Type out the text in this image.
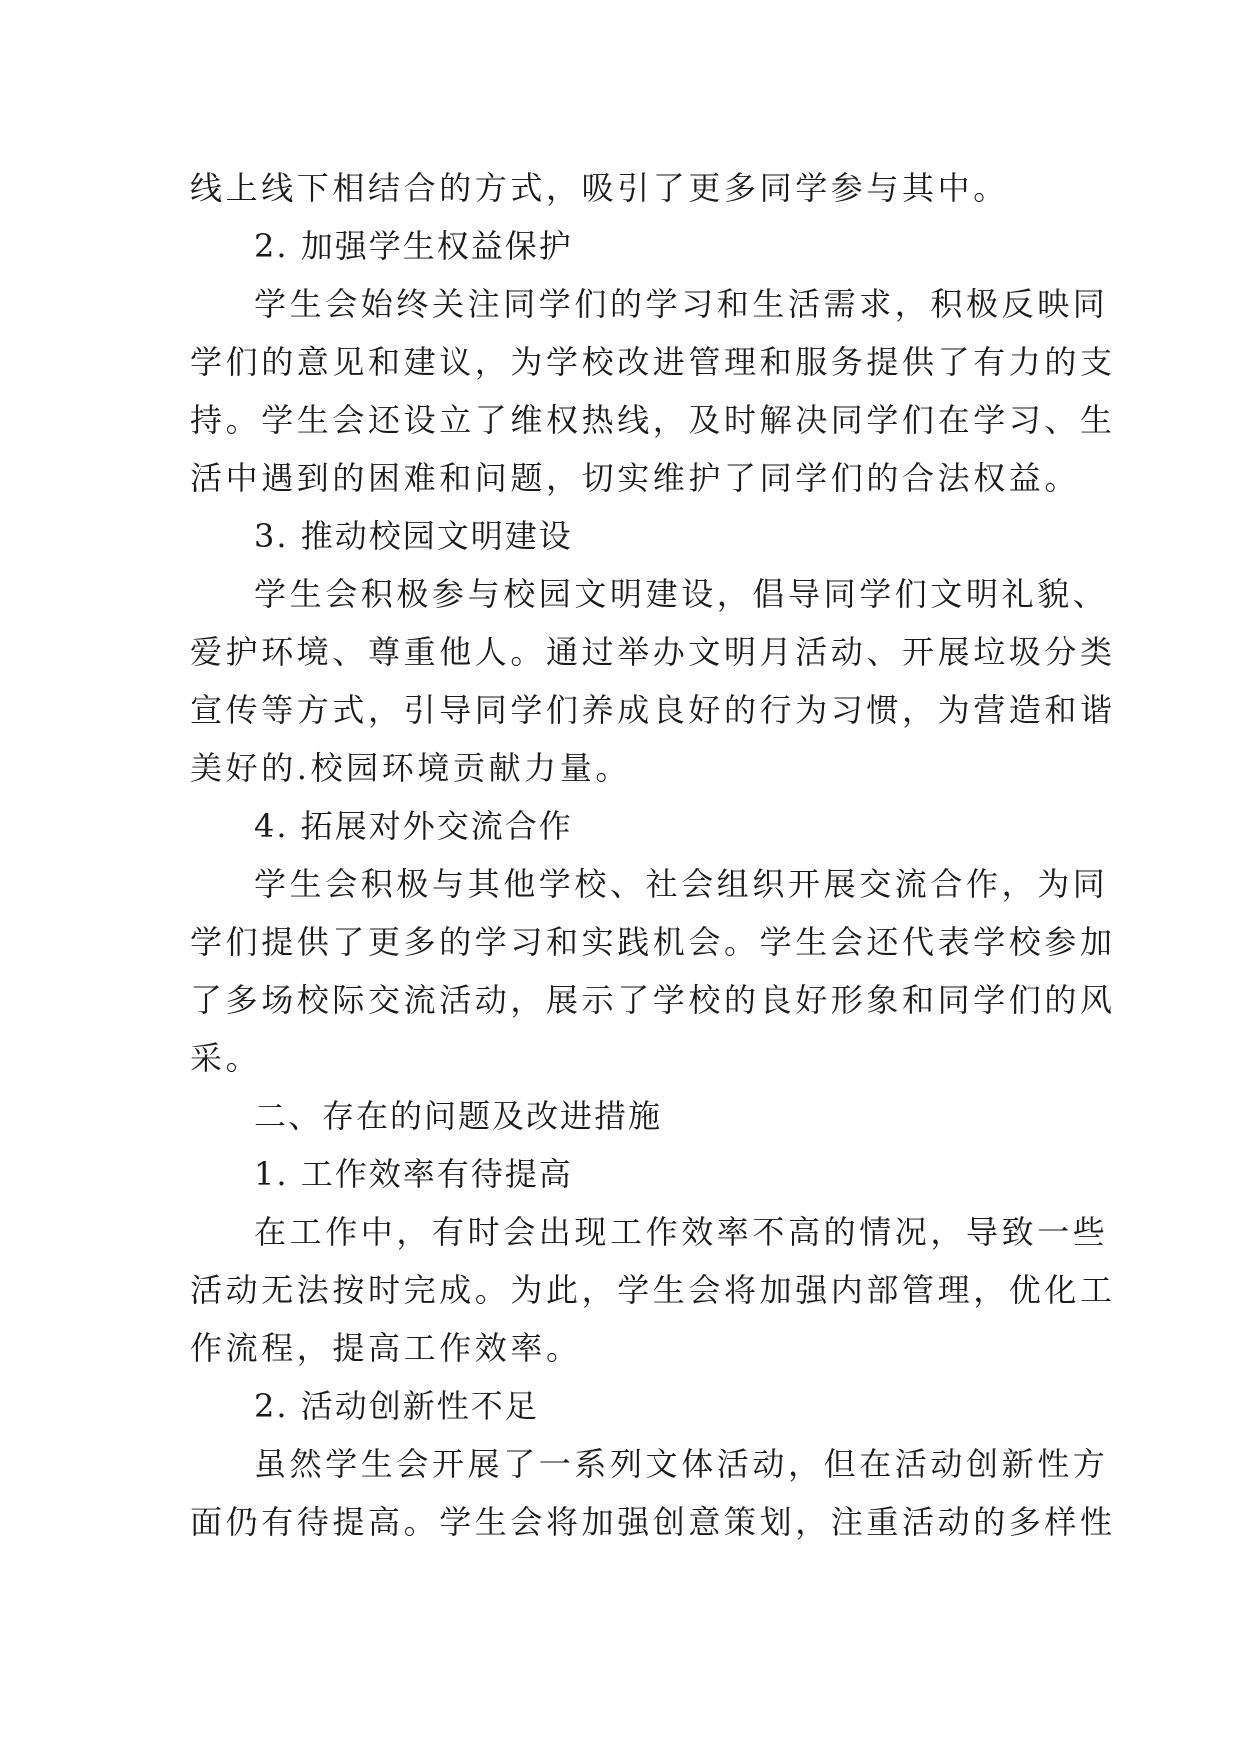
线上线下相结合的方式，吸引了更多同学参与其中。
2. 加强学生权益保护
学生会始终关注同学们的学习和生活需求，积极反映同
学们的意见和建议，为学校改进管理和服务提供了有力的支
持。学生会还设立了维权热线，及时解决同学们在学习、生
活中遇到的困难和问题，切实维护了同学们的合法权益。
3. 推动校园文明建设
学生会积极参与校园文明建设，倡导同学们文明礼貌、
爱护环境、尊重他人。通过举办文明月活动、开展垃圾分类
宣传等方式，引导同学们养成良好的行为习惯，为营造和谐
美好的.校园环境贡献力量。
4. 拓展对外交流合作
学生会积极与其他学校、社会组织开展交流合作，为同
学们提供了更多的学习和实践机会。学生会还代表学校参加
了多场校际交流活动，展示了学校的良好形象和同学们的风
采。
二、存在的问题及改进措施
1. 工作效率有待提高
在工作中，有时会出现工作效率不高的情况，导致一些
活动无法按时完成。为此，学生会将加强内部管理，优化工
作流程，提高工作效率。
2. 活动创新性不足
虽然学生会开展了一系列文体活动，但在活动创新性方
面仍有待提高。学生会将加强创意策划，注重活动的多样性
